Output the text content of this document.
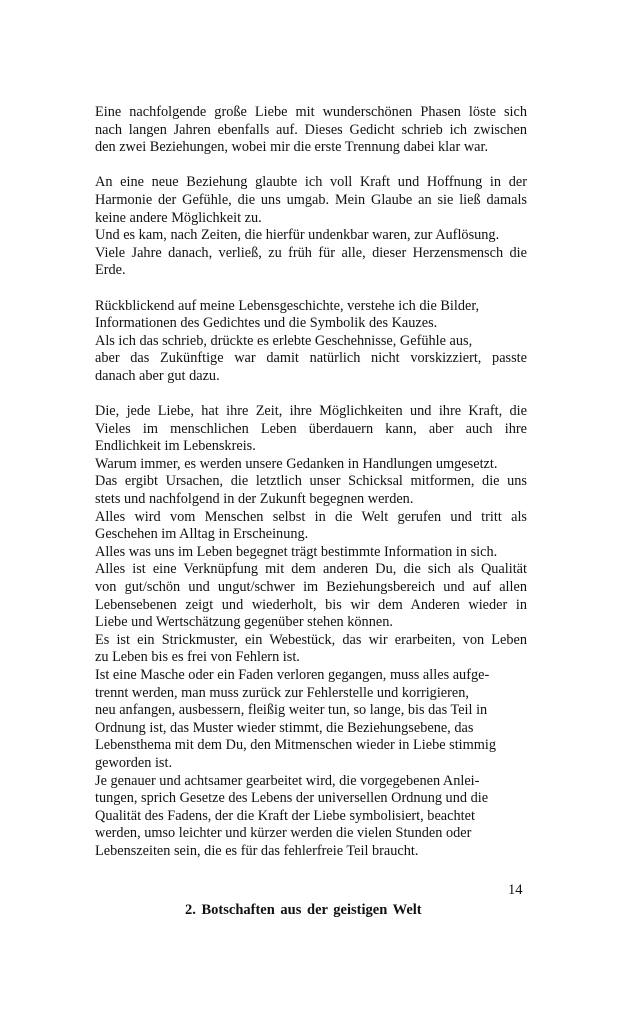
Eine nachfolgende große Liebe mit wunderschönen Phasen löste sich
nach langen Jahren ebenfalls auf. Dieses Gedicht schrieb ich zwischen
den zwei Beziehungen, wobei mir die erste Trennung dabei klar war.
An eine neue Beziehung glaubte ich voll Kraft und Hoffnung in der
Harmonie der Gefühle, die uns umgab. Mein Glaube an sie ließ damals
keine andere Möglichkeit zu.
Und es kam, nach Zeiten, die hierfür undenkbar waren, zur Auflösung.
Viele Jahre danach, verließ, zu früh für alle, dieser Herzensmensch die
Erde.
Rückblickend auf meine Lebensgeschichte, verstehe ich die Bilder,
Informationen des Gedichtes und die Symbolik des Kauzes.
Als ich das schrieb, drückte es erlebte Geschehnisse, Gefühle aus,
aber das Zukünftige war damit natürlich nicht vorskizziert, passte
danach aber gut dazu.
Die, jede Liebe, hat ihre Zeit, ihre Möglichkeiten und ihre Kraft, die
Vieles im menschlichen Leben überdauern kann, aber auch ihre
Endlichkeit im Lebenskreis.
Warum immer, es werden unsere Gedanken in Handlungen umgesetzt.
Das ergibt Ursachen, die letztlich unser Schicksal mitformen, die uns
stets und nachfolgend in der Zukunft begegnen werden.
Alles wird vom Menschen selbst in die Welt gerufen und tritt als
Geschehen im Alltag in Erscheinung.
Alles was uns im Leben begegnet trägt bestimmte Information in sich.
Alles ist eine Verknüpfung mit dem anderen Du, die sich als Qualität
von gut/schön und ungut/schwer im Beziehungsbereich und auf allen
Lebensebenen zeigt und wiederholt, bis wir dem Anderen wieder in
Liebe und Wertschätzung gegenüber stehen können.
Es ist ein Strickmuster, ein Webestück, das wir erarbeiten, von Leben
zu Leben bis es frei von Fehlern ist.
Ist eine Masche oder ein Faden verloren gegangen, muss alles aufge-
trennt werden, man muss zurück zur Fehlerstelle und korrigieren,
neu anfangen, ausbessern, fleißig weiter tun, so lange, bis das Teil in
Ordnung ist, das Muster wieder stimmt, die Beziehungsebene, das
Lebensthema mit dem Du, den Mitmenschen wieder in Liebe stimmig
geworden ist.
Je genauer und achtsamer gearbeitet wird, die vorgegebenen Anlei-
tungen, sprich Gesetze des Lebens der universellen Ordnung und die
Qualität des Fadens, der die Kraft der Liebe symbolisiert, beachtet
werden, umso leichter und kürzer werden die vielen Stunden oder
Lebenszeiten sein, die es für das fehlerfreie Teil braucht.
14
2. Botschaften aus der geistigen Welt
